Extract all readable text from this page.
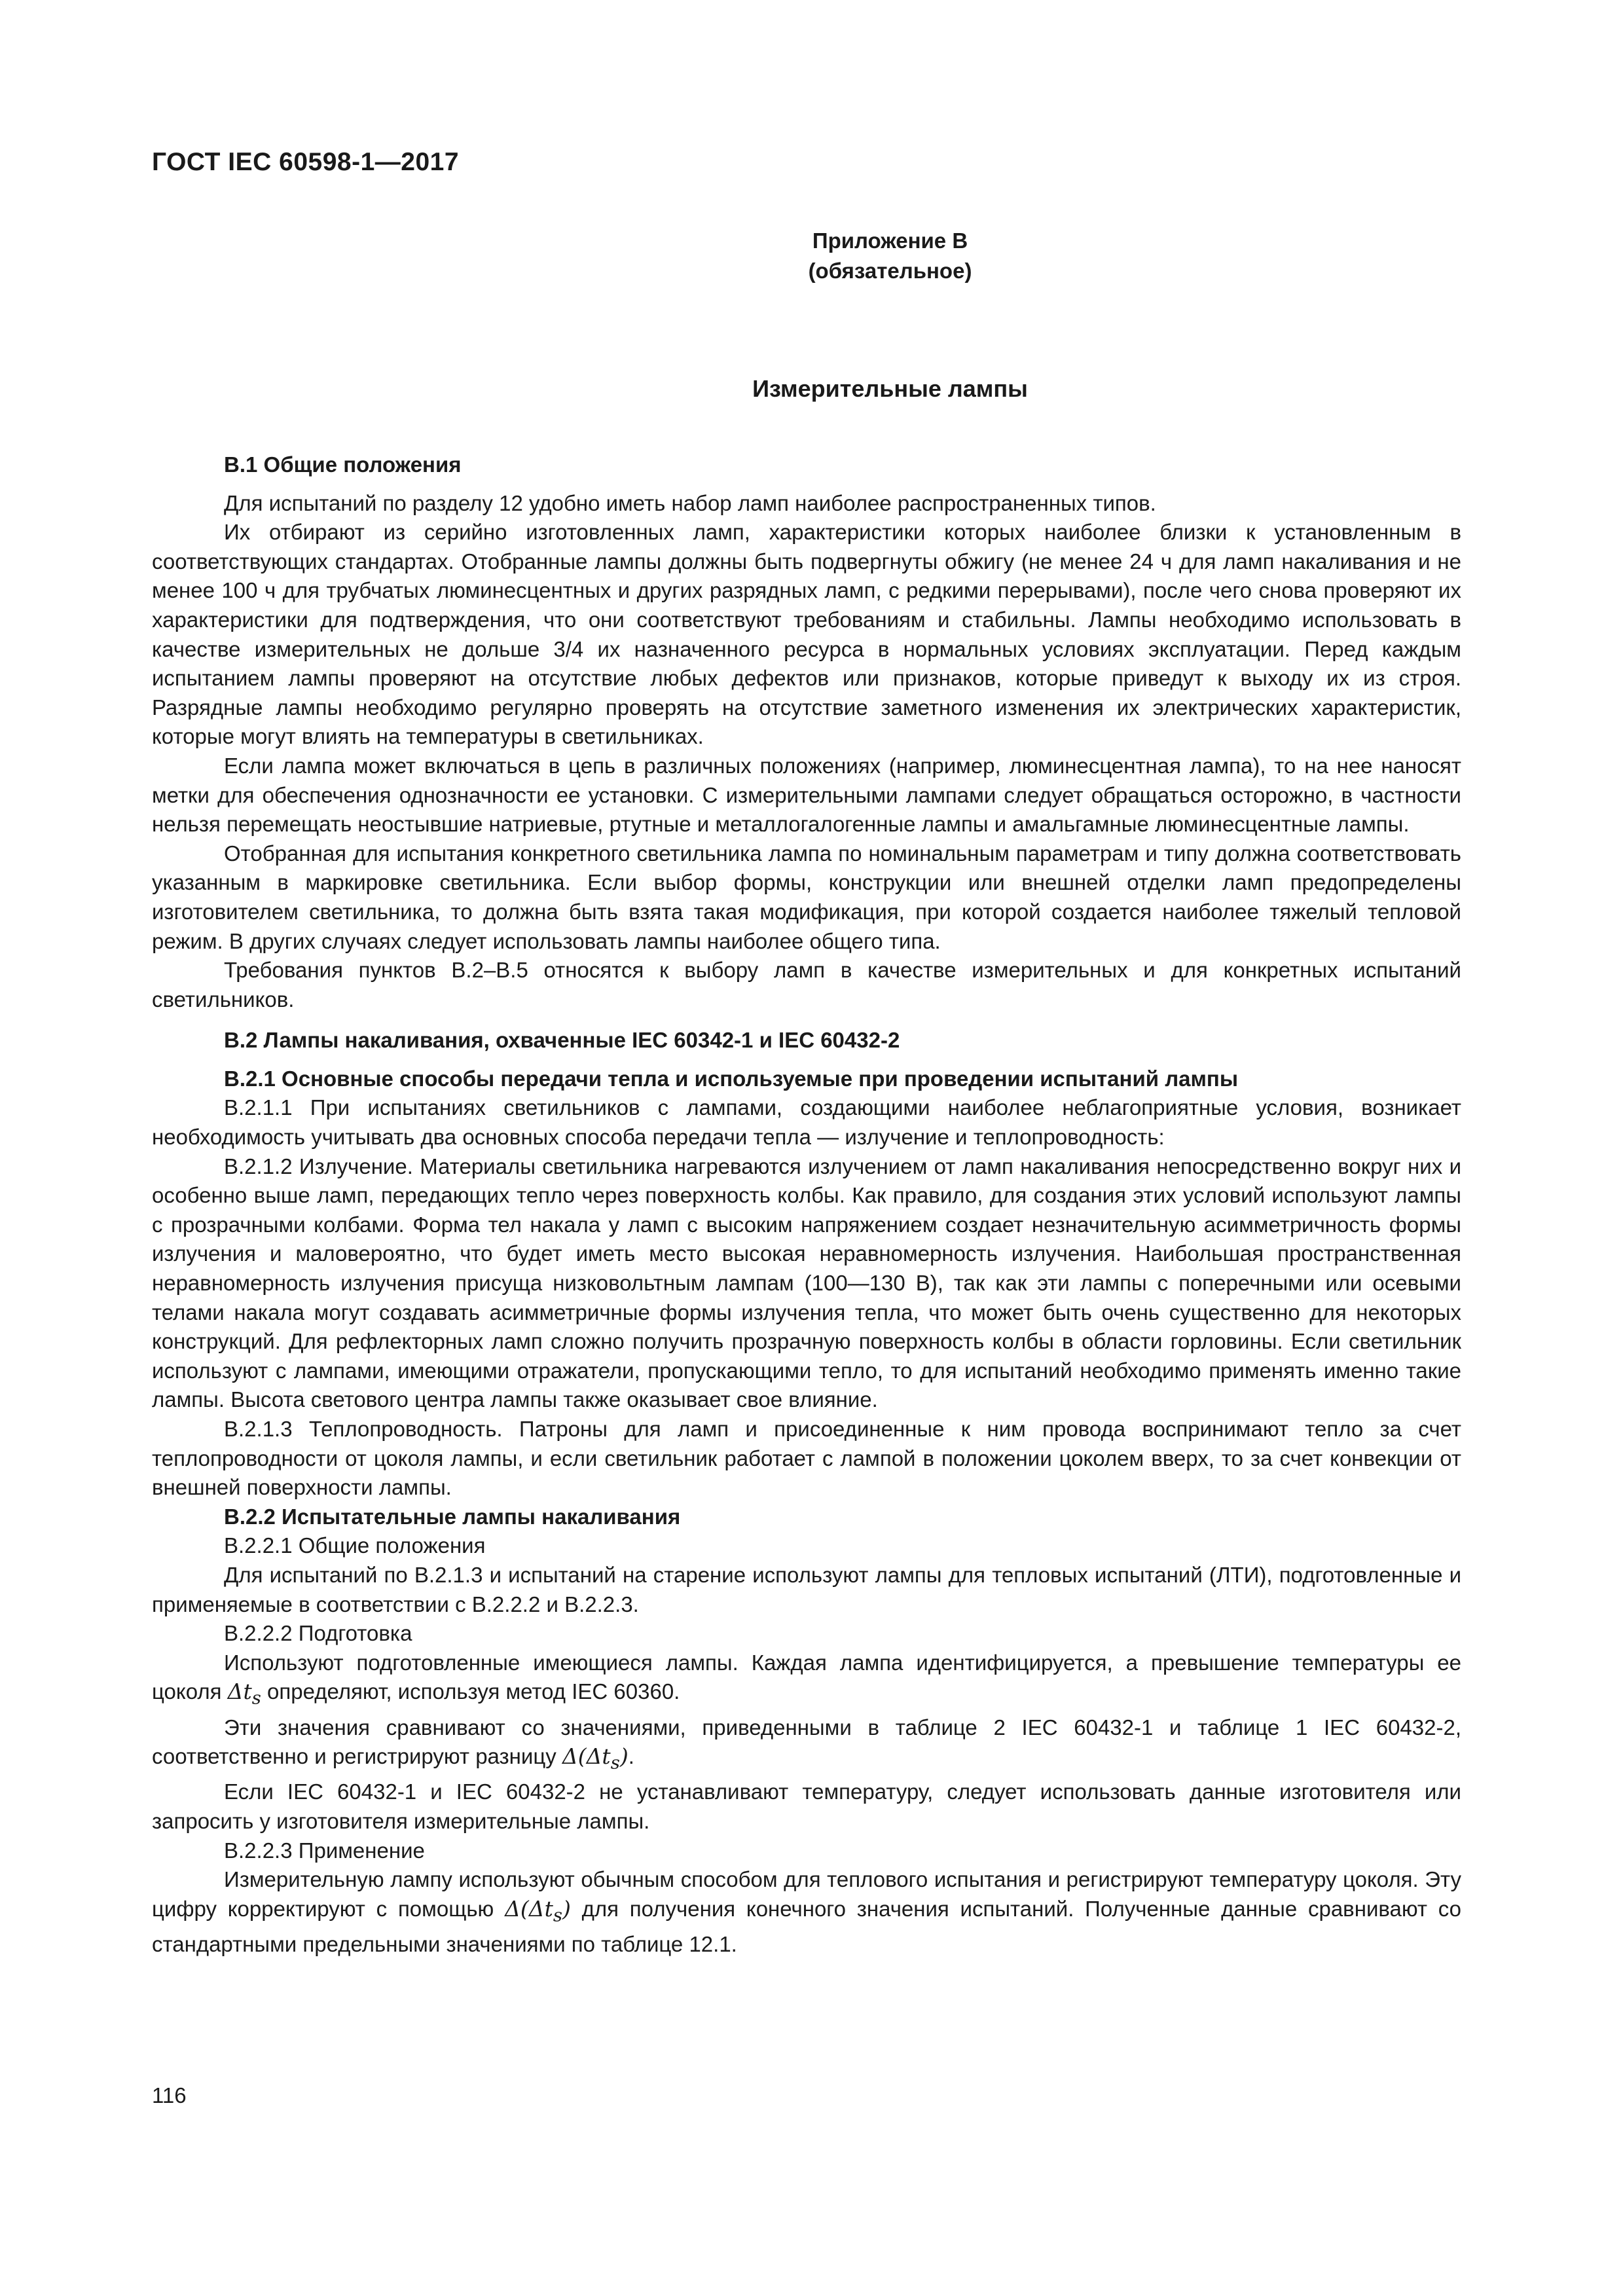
ГОСТ IEC 60598-1—2017
Приложение В
(обязательное)
Измерительные лампы
В.1 Общие положения

Для испытаний по разделу 12 удобно иметь набор ламп наиболее распространенных типов.

Их отбирают из серийно изготовленных ламп, характеристики которых наиболее близки к установленным в соответствующих стандартах. Отобранные лампы должны быть подвергнуты обжигу (не менее 24 ч для ламп накаливания и не менее 100 ч для трубчатых люминесцентных и других разрядных ламп, с редкими перерывами), после чего снова проверяют их характеристики для подтверждения, что они соответствуют требованиям и стабильны. Лампы необходимо использовать в качестве измерительных не дольше 3/4 их назначенного ресурса в нормальных условиях эксплуатации. Перед каждым испытанием лампы проверяют на отсутствие любых дефектов или признаков, которые приведут к выходу их из строя. Разрядные лампы необходимо регулярно проверять на отсутствие заметного изменения их электрических характеристик, которые могут влиять на температуры в светильниках.

Если лампа может включаться в цепь в различных положениях (например, люминесцентная лампа), то на нее наносят метки для обеспечения однозначности ее установки. С измерительными лампами следует обращаться осторожно, в частности нельзя перемещать неостывшие натриевые, ртутные и металлогалогенные лампы и амальгамные люминесцентные лампы.

Отобранная для испытания конкретного светильника лампа по номинальным параметрам и типу должна соответствовать указанным в маркировке светильника. Если выбор формы, конструкции или внешней отделки ламп предопределены изготовителем светильника, то должна быть взята такая модификация, при которой создается наиболее тяжелый тепловой режим. В других случаях следует использовать лампы наиболее общего типа.

Требования пунктов В.2–В.5 относятся к выбору ламп в качестве измерительных и для конкретных испытаний светильников.

В.2 Лампы накаливания, охваченные IEC 60342-1 и IEC 60432-2
В.2.1 Основные способы передачи тепла и используемые при проведении испытаний лампы

В.2.1.1 При испытаниях светильников с лампами, создающими наиболее неблагоприятные условия, возникает необходимость учитывать два основных способа передачи тепла — излучение и теплопроводность:

В.2.1.2 Излучение. Материалы светильника нагреваются излучением от ламп накаливания непосредственно вокруг них и особенно выше ламп, передающих тепло через поверхность колбы. Как правило, для создания этих условий используют лампы с прозрачными колбами. Форма тел накала у ламп с высоким напряжением создает незначительную асимметричность формы излучения и маловероятно, что будет иметь место высокая неравномерность излучения. Наибольшая пространственная неравномерность излучения присуща низковольтным лампам (100—130 В), так как эти лампы с поперечными или осевыми телами накала могут создавать асимметричные формы излучения тепла, что может быть очень существенно для некоторых конструкций. Для рефлекторных ламп сложно получить прозрачную поверхность колбы в области горловины. Если светильник используют с лампами, имеющими отражатели, пропускающими тепло, то для испытаний необходимо применять именно такие лампы. Высота светового центра лампы также оказывает свое влияние.

В.2.1.3 Теплопроводность. Патроны для ламп и присоединенные к ним провода воспринимают тепло за счет теплопроводности от цоколя лампы, и если светильник работает с лампой в положении цоколем вверх, то за счет конвекции от внешней поверхности лампы.

В.2.2 Испытательные лампы накаливания

В.2.2.1 Общие положения

Для испытаний по В.2.1.3 и испытаний на старение используют лампы для тепловых испытаний (ЛТИ), подготовленные и применяемые в соответствии с В.2.2.2 и В.2.2.3.

В.2.2.2 Подготовка

Используют подготовленные имеющиеся лампы. Каждая лампа идентифицируется, а превышение температуры ее цоколя $\Delta t_s$ определяют, используя метод IEC 60360.

Эти значения сравнивают со значениями, приведенными в таблице 2 IEC 60432-1 и таблице 1 IEC 60432-2, соответственно и регистрируют разницу $\Delta(\Delta t_s)$.

Если IEC 60432-1 и IEC 60432-2 не устанавливают температуру, следует использовать данные изготовителя или запросить у изготовителя измерительные лампы.

В.2.2.3 Применение

Измерительную лампу используют обычным способом для теплового испытания и регистрируют температуру цоколя. Эту цифру корректируют с помощью $\Delta(\Delta t_s)$ для получения конечного значения испытаний. Полученные данные сравнивают со стандартными предельными значениями по таблице 12.1.

116
